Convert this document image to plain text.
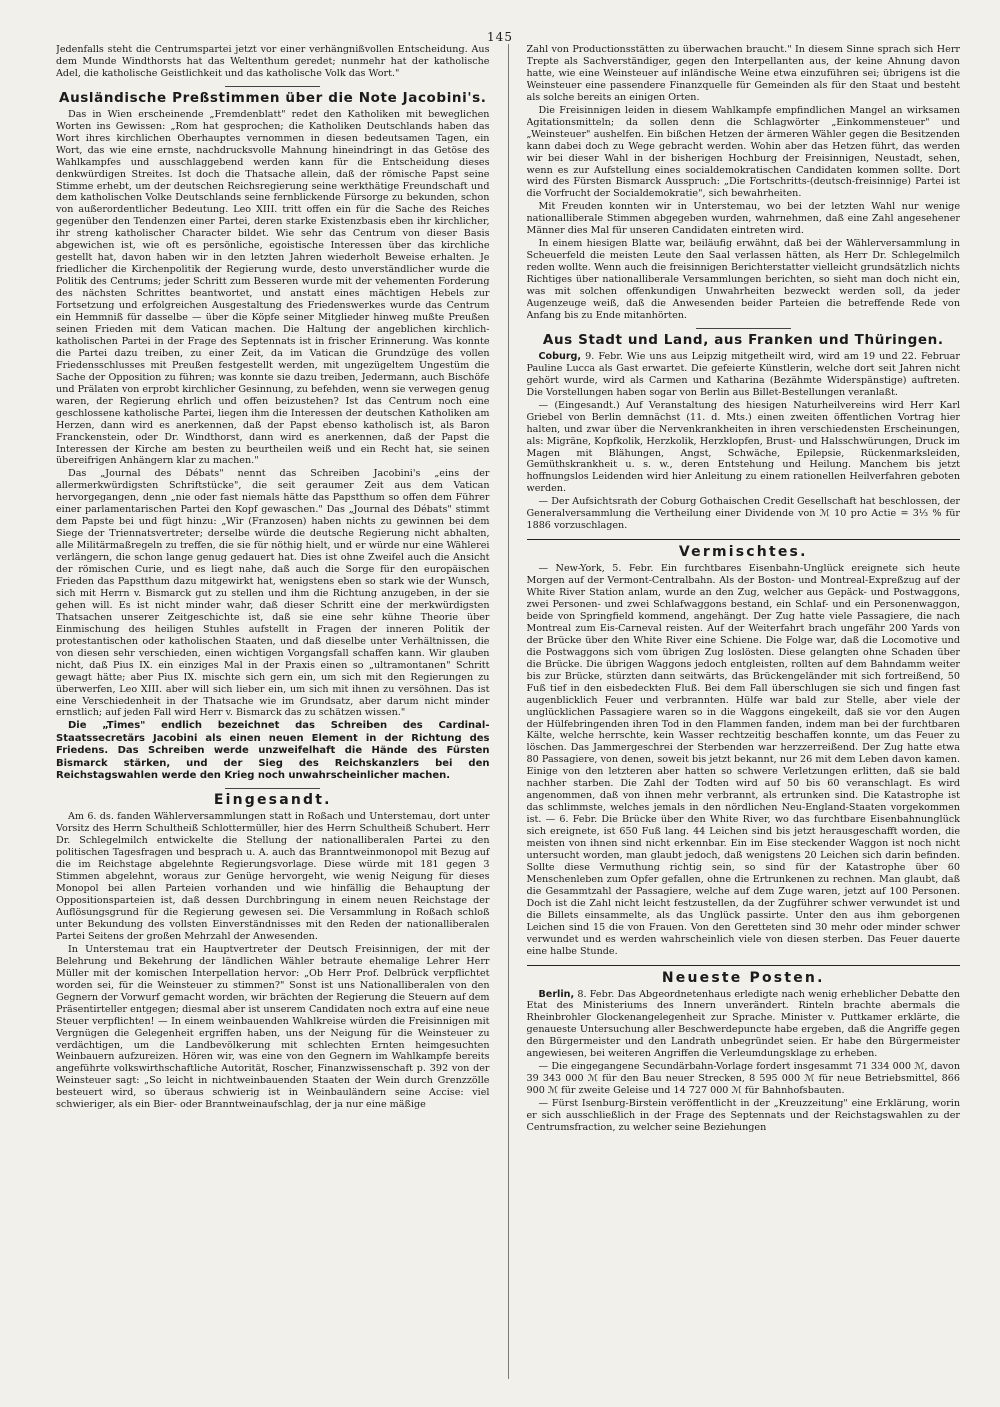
145

Jedenfalls steht die Centrumspartei jetzt vor einer verhängnißvollen Entscheidung. Aus dem Munde Windthorsts hat das Weltenthum geredet; nunmehr hat der katholische Adel, die katholische Geistlichkeit und das katholische Volk das Wort."

Ausländische Preßstimmen über die Note Jacobini's.

Das in Wien erscheinende „Fremdenblatt" redet den Katholiken mit beweglichen Worten ins Gewissen: „Rom hat gesprochen; die Katholiken Deutschlands haben das Wort ihres kirchlichen Oberhauptes vernommen in diesen bedeutsamen Tagen, ein Wort, das wie eine ernste, nachdrucksvolle Mahnung hineindringt in das Getöse des Wahlkampfes und ausschlaggebend werden kann für die Entscheidung dieses denkwürdigen Streites. Ist doch die Thatsache allein, daß der römische Papst seine Stimme erhebt, um der deutschen Reichsregierung seine werkthätige Freundschaft und dem katholischen Volke Deutschlands seine fernblickende Fürsorge zu bekunden, schon von außerordentlicher Bedeutung. Leo XIII. tritt offen ein für die Sache des Reiches gegenüber den Tendenzen einer Partei, deren starke Existenzbasis eben ihr kirchlicher, ihr streng katholischer Character bildet. Wie sehr das Centrum von dieser Basis abgewichen ist, wie oft es persönliche, egoistische Interessen über das kirchliche gestellt hat, davon haben wir in den letzten Jahren wiederholt Beweise erhalten. Je friedlicher die Kirchenpolitik der Regierung wurde, desto unverständlicher wurde die Politik des Centrums; jeder Schritt zum Besseren wurde mit der vehementen Forderung des nächsten Schrittes beantwortet, und anstatt eines mächtigen Hebels zur Fortsetzung und erfolgreichen Ausgestaltung des Friedenswerkes wurde das Centrum ein Hemmniß für dasselbe — über die Köpfe seiner Mitglieder hinweg mußte Preußen seinen Frieden mit dem Vatican machen. Die Haltung der angeblichen kirchlich-katholischen Partei in der Frage des Septennats ist in frischer Erinnerung. Was konnte die Partei dazu treiben, zu einer Zeit, da im Vatican die Grundzüge des vollen Friedensschlusses mit Preußen festgestellt werden, mit ungezügeltem Ungestüm die Sache der Opposition zu führen; was konnte sie dazu treiben, Jedermann, auch Bischöfe und Prälaten von erprobt kirchlicher Gesinnung, zu befehden, wenn sie verwegen genug waren, der Regierung ehrlich und offen beizustehen? Ist das Centrum noch eine geschlossene katholische Partei, liegen ihm die Interessen der deutschen Katholiken am Herzen, dann wird es anerkennen, daß der Papst ebenso katholisch ist, als Baron Franckenstein, oder Dr. Windthorst, dann wird es anerkennen, daß der Papst die Interessen der Kirche am besten zu beurtheilen weiß und ein Recht hat, sie seinen übereifrigen Anhängern klar zu machen."

Das „Journal des Débats" nennt das Schreiben Jacobini's „eins der allermerkwürdigsten Schriftstücke", die seit geraumer Zeit aus dem Vatican hervorgegangen, denn „nie oder fast niemals hätte das Papstthum so offen dem Führer einer parlamentarischen Partei den Kopf gewaschen." Das „Journal des Débats" stimmt dem Papste bei und fügt hinzu: „Wir (Franzosen) haben nichts zu gewinnen bei dem Siege der Triennatsvertreter; derselbe würde die deutsche Regierung nicht abhalten, alle Militärmaßregeln zu treffen, die sie für nöthig hielt, und er würde nur eine Wählerei verlängern, die schon lange genug gedauert hat. Dies ist ohne Zweifel auch die Ansicht der römischen Curie, und es liegt nahe, daß auch die Sorge für den europäischen Frieden das Papstthum dazu mitgewirkt hat, wenigstens eben so stark wie der Wunsch, sich mit Herrn v. Bismarck gut zu stellen und ihm die Richtung anzugeben, in der sie gehen will. Es ist nicht minder wahr, daß dieser Schritt eine der merkwürdigsten Thatsachen unserer Zeitgeschichte ist, daß sie eine sehr kühne Theorie über Einmischung des heiligen Stuhles aufstellt in Fragen der inneren Politik der protestantischen oder katholischen Staaten, und daß dieselbe unter Verhältnissen, die von diesen sehr verschieden, einen wichtigen Vorgangsfall schaffen kann. Wir glauben nicht, daß Pius IX. ein einziges Mal in der Praxis einen so „ultramontanen" Schritt gewagt hätte; aber Pius IX. mischte sich gern ein, um sich mit den Regierungen zu überwerfen, Leo XIII. aber will sich lieber ein, um sich mit ihnen zu versöhnen. Das ist eine Verschiedenheit in der Thatsache wie im Grundsatz, aber darum nicht minder ernstlich; auf jeden Fall wird Herr v. Bismarck das zu schätzen wissen."

Die „Times" endlich bezeichnet das Schreiben des Cardinal-Staatssecretärs Jacobini als einen neuen Element in der Richtung des Friedens. Das Schreiben werde unzweifelhaft die Hände des Fürsten Bismarck stärken, und der Sieg des Reichskanzlers bei den Reichstagswahlen werde den Krieg noch unwahrscheinlicher machen.

Eingesandt.

Am 6. ds. fanden Wählerversammlungen statt in Roßach und Unterstemau, dort unter Vorsitz des Herrn Schultheiß Schlottermüller, hier des Herrn Schultheiß Schubert. Herr Dr. Schlegelmilch entwickelte die Stellung der nationalliberalen Partei zu den politischen Tagesfragen und besprach u. A. auch das Branntweinmonopol mit Bezug auf die im Reichstage abgelehnte Regierungsvorlage. Diese würde mit 181 gegen 3 Stimmen abgelehnt, woraus zur Genüge hervorgeht, wie wenig Neigung für dieses Monopol bei allen Parteien vorhanden und wie hinfällig die Behauptung der Oppositionsparteien ist, daß dessen Durchbringung in einem neuen Reichstage der Auflösungsgrund für die Regierung gewesen sei. Die Versammlung in Roßach schloß unter Bekundung des vollsten Einverständnisses mit den Reden der nationalliberalen Partei Seitens der großen Mehrzahl der Anwesenden.

In Unterstemau trat ein Hauptvertreter der Deutsch Freisinnigen, der mit der Belehrung und Bekehrung der ländlichen Wähler betraute ehemalige Lehrer Herr Müller mit der komischen Interpellation hervor: „Ob Herr Prof. Delbrück verpflichtet worden sei, für die Weinsteuer zu stimmen?" Sonst ist uns Nationalliberalen von den Gegnern der Vorwurf gemacht worden, wir brächten der Regierung die Steuern auf dem Präsentirteller entgegen; diesmal aber ist unserem Candidaten noch extra auf eine neue Steuer verpflichten! — In einem weinbauenden Wahlkreise würden die Freisinnigen mit Vergnügen die Gelegenheit ergriffen haben, uns der Neigung für die Weinsteuer zu verdächtigen, um die Landbevölkerung mit schlechten Ernten heimgesuchten Weinbauern aufzureizen. Hören wir, was eine von den Gegnern im Wahlkampfe bereits angeführte volkswirthschaftliche Autorität, Roscher, Finanzwissenschaft p. 392 von der Weinsteuer sagt: „So leicht in nichtweinbauenden Staaten der Wein durch Grenzzölle besteuert wird, so überaus schwierig ist in Weinbauländern seine Accise: viel schwieriger, als ein Bier- oder Branntweinaufschlag, der ja nur eine mäßige

Zahl von Productionsstätten zu überwachen braucht." In diesem Sinne sprach sich Herr Trepte als Sachverständiger, gegen den Interpellanten aus, der keine Ahnung davon hatte, wie eine Weinsteuer auf inländische Weine etwa einzuführen sei; übrigens ist die Weinsteuer eine passendere Finanzquelle für Gemeinden als für den Staat und besteht als solche bereits an einigen Orten.

Die Freisinnigen leiden in diesem Wahlkampfe empfindlichen Mangel an wirksamen Agitationsmitteln; da sollen denn die Schlagwörter „Einkommensteuer" und „Weinsteuer" aushelfen. Ein bißchen Hetzen der ärmeren Wähler gegen die Besitzenden kann dabei doch zu Wege gebracht werden. Wohin aber das Hetzen führt, das werden wir bei dieser Wahl in der bisherigen Hochburg der Freisinnigen, Neustadt, sehen, wenn es zur Aufstellung eines socialdemokratischen Candidaten kommen sollte. Dort wird des Fürsten Bismarck Ausspruch: „Die Fortschritts-(deutsch-freisinnige) Partei ist die Vorfrucht der Socialdemokratie", sich bewahrheiten.

Mit Freuden konnten wir in Unterstemau, wo bei der letzten Wahl nur wenige nationalliberale Stimmen abgegeben wurden, wahrnehmen, daß eine Zahl angesehener Männer dies Mal für unseren Candidaten eintreten wird.

In einem hiesigen Blatte war, beiläufig erwähnt, daß bei der Wählerversammlung in Scheuerfeld die meisten Leute den Saal verlassen hätten, als Herr Dr. Schlegelmilch reden wollte. Wenn auch die freisinnigen Berichterstatter vielleicht grundsätzlich nichts Richtiges über nationalliberale Versammlungen berichten, so sieht man doch nicht ein, was mit solchen offenkundigen Unwahrheiten bezweckt werden soll, da jeder Augenzeuge weiß, daß die Anwesenden beider Parteien die betreffende Rede von Anfang bis zu Ende mitanhörten.

Aus Stadt und Land, aus Franken und Thüringen.

Coburg, 9. Febr. Wie uns aus Leipzig mitgetheilt wird, wird am 19 und 22. Februar Pauline Lucca als Gast erwartet. Die gefeierte Künstlerin, welche dort seit Jahren nicht gehört wurde, wird als Carmen und Katharina (Bezähmte Widerspänstige) auftreten. Die Vorstellungen haben sogar von Berlin aus Billet-Bestellungen veranlaßt.

— (Eingesandt.) Auf Veranstaltung des hiesigen Naturheilvereins wird Herr Karl Griebel von Berlin demnächst (11. d. Mts.) einen zweiten öffentlichen Vortrag hier halten, und zwar über die Nervenkrankheiten in ihren verschiedensten Erscheinungen, als: Migräne, Kopfkolik, Herzkolik, Herzklopfen, Brust- und Halsschwürungen, Druck im Magen mit Blähungen, Angst, Schwäche, Epilepsie, Rückenmarksleiden, Gemüthskrankheit u. s. w., deren Entstehung und Heilung. Manchem bis jetzt hoffnungslos Leidenden wird hier Anleitung zu einem rationellen Heilverfahren geboten werden.

— Der Aufsichtsrath der Coburg Gothaischen Credit Gesellschaft hat beschlossen, der Generalversammlung die Vertheilung einer Dividende von ℳ 10 pro Actie = 3⅓ % für 1886 vorzuschlagen.

Vermischtes.

— New-York, 5. Febr. Ein furchtbares Eisenbahn-Unglück ereignete sich heute Morgen auf der Vermont-Centralbahn. Als der Boston- und Montreal-Expreßzug auf der White River Station anlam, wurde an den Zug, welcher aus Gepäck- und Postwaggons, zwei Personen- und zwei Schlafwaggons bestand, ein Schlaf- und ein Personenwaggon, beide von Springfield kommend, angehängt. Der Zug hatte viele Passagiere, die nach Montreal zum Eis-Carneval reisten. Auf der Weiterfahrt brach ungefähr 200 Yards von der Brücke über den White River eine Schiene. Die Folge war, daß die Locomotive und die Postwaggons sich vom übrigen Zug loslösten. Diese gelangten ohne Schaden über die Brücke. Die übrigen Waggons jedoch entgleisten, rollten auf dem Bahndamm weiter bis zur Brücke, stürzten dann seitwärts, das Brückengeländer mit sich fortreißend, 50 Fuß tief in den eisbedeckten Fluß. Bei dem Fall überschlugen sie sich und fingen fast augenblicklich Feuer und verbrannten. Hülfe war bald zur Stelle, aber viele der unglücklichen Passagiere waren so in die Waggons eingekeilt, daß sie vor den Augen der Hülfebringenden ihren Tod in den Flammen fanden, indem man bei der furchtbaren Kälte, welche herrschte, kein Wasser rechtzeitig beschaffen konnte, um das Feuer zu löschen. Das Jammergeschrei der Sterbenden war herzzerreißend. Der Zug hatte etwa 80 Passagiere, von denen, soweit bis jetzt bekannt, nur 26 mit dem Leben davon kamen. Einige von den letzteren aber hatten so schwere Verletzungen erlitten, daß sie bald nachher starben. Die Zahl der Todten wird auf 50 bis 60 veranschlagt. Es wird angenommen, daß von ihnen mehr verbrannt, als ertrunken sind. Die Katastrophe ist das schlimmste, welches jemals in den nördlichen Neu-England-Staaten vorgekommen ist. — 6. Febr. Die Brücke über den White River, wo das furchtbare Eisenbahnunglück sich ereignete, ist 650 Fuß lang. 44 Leichen sind bis jetzt herausgeschafft worden, die meisten von ihnen sind nicht erkennbar. Ein im Eise steckender Waggon ist noch nicht untersucht worden, man glaubt jedoch, daß wenigstens 20 Leichen sich darin befinden. Sollte diese Vermuthung richtig sein, so sind für der Katastrophe über 60 Menschenleben zum Opfer gefallen, ohne die Ertrunkenen zu rechnen. Man glaubt, daß die Gesammtzahl der Passagiere, welche auf dem Zuge waren, jetzt auf 100 Personen. Doch ist die Zahl nicht leicht festzustellen, da der Zugführer schwer verwundet ist und die Billets einsammelte, als das Unglück passirte. Unter den aus ihm geborgenen Leichen sind 15 die von Frauen. Von den Geretteten sind 30 mehr oder minder schwer verwundet und es werden wahrscheinlich viele von diesen sterben. Das Feuer dauerte eine halbe Stunde.

Neueste Posten.

Berlin, 8. Febr. Das Abgeordnetenhaus erledigte nach wenig erheblicher Debatte den Etat des Ministeriums des Innern unverändert. Rinteln brachte abermals die Rheinbrohler Glockenangelegenheit zur Sprache. Minister v. Puttkamer erklärte, die genaueste Untersuchung aller Beschwerdepuncte habe ergeben, daß die Angriffe gegen den Bürgermeister und den Landrath unbegründet seien. Er habe den Bürgermeister angewiesen, bei weiteren Angriffen die Verleumdungsklage zu erheben.

— Die eingegangene Secundärbahn-Vorlage fordert insgesammt 71 334 000 ℳ, davon 39 343 000 ℳ für den Bau neuer Strecken, 8 595 000 ℳ für neue Betriebsmittel, 866 900 ℳ für zweite Geleise und 14 727 000 ℳ für Bahnhofsbauten.

— Fürst Isenburg-Birstein veröffentlicht in der „Kreuzzeitung" eine Erklärung, worin er sich ausschließlich in der Frage des Septennats und der Reichstagswahlen zu der Centrumsfraction, zu welcher seine Beziehungen
